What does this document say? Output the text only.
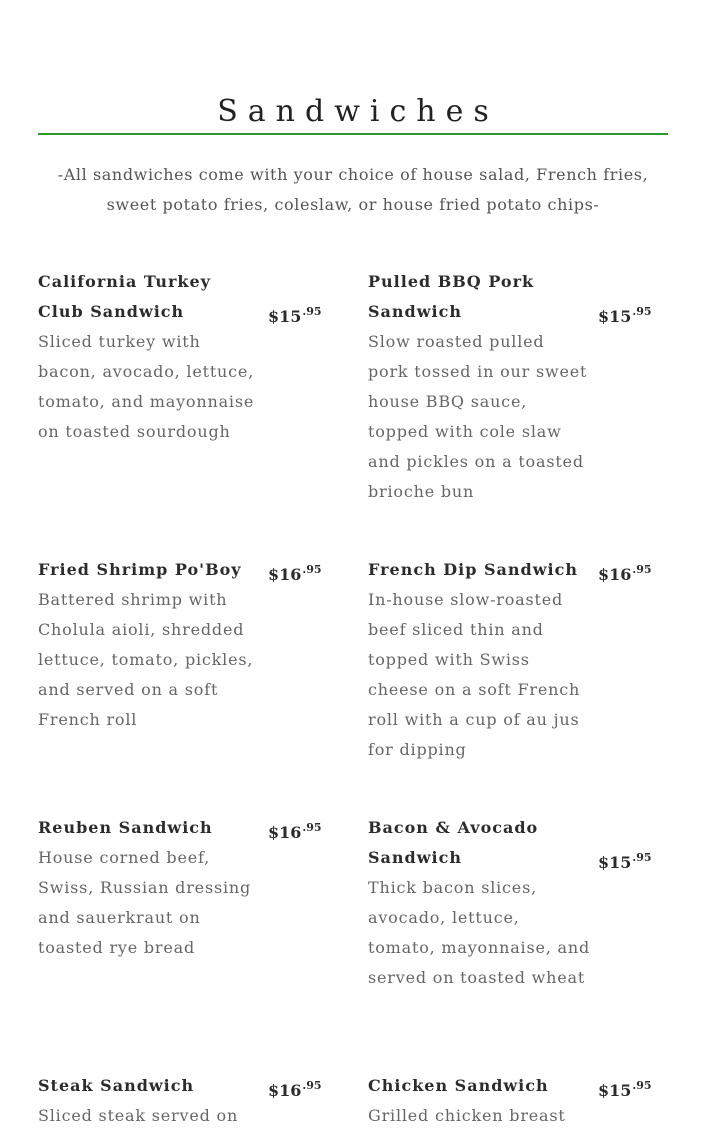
Sandwiches
-All sandwiches come with your choice of house salad, French fries, sweet potato fries, coleslaw, or house fried potato chips-
California Turkey Club Sandwich	$\$15^{.95}$
Sliced turkey with bacon, avocado, lettuce, tomato, and mayonnaise on toasted sourdough
Pulled BBQ Pork Sandwich	$\$15^{.95}$
Slow roasted pulled pork tossed in our sweet house BBQ sauce, topped with cole slaw and pickles on a toasted brioche bun
Fried Shrimp Po'Boy	$\$16^{.95}$
Battered shrimp with Cholula aioli, shredded lettuce, tomato, pickles, and served on a soft French roll
French Dip Sandwich	$\$16^{.95}$
In-house slow-roasted beef sliced thin and topped with Swiss cheese on a soft French roll with a cup of au jus for dipping
Reuben Sandwich	$\$16^{.95}$
House corned beef, Swiss, Russian dressing and sauerkraut on toasted rye bread
Bacon & Avocado Sandwich	$\$15^{.95}$
Thick bacon slices, avocado, lettuce, tomato, mayonnaise, and served on toasted wheat
Steak Sandwich	$\$16^{.95}$
Sliced steak served on
Chicken Sandwich	$\$15^{.95}$
Grilled chicken breast
